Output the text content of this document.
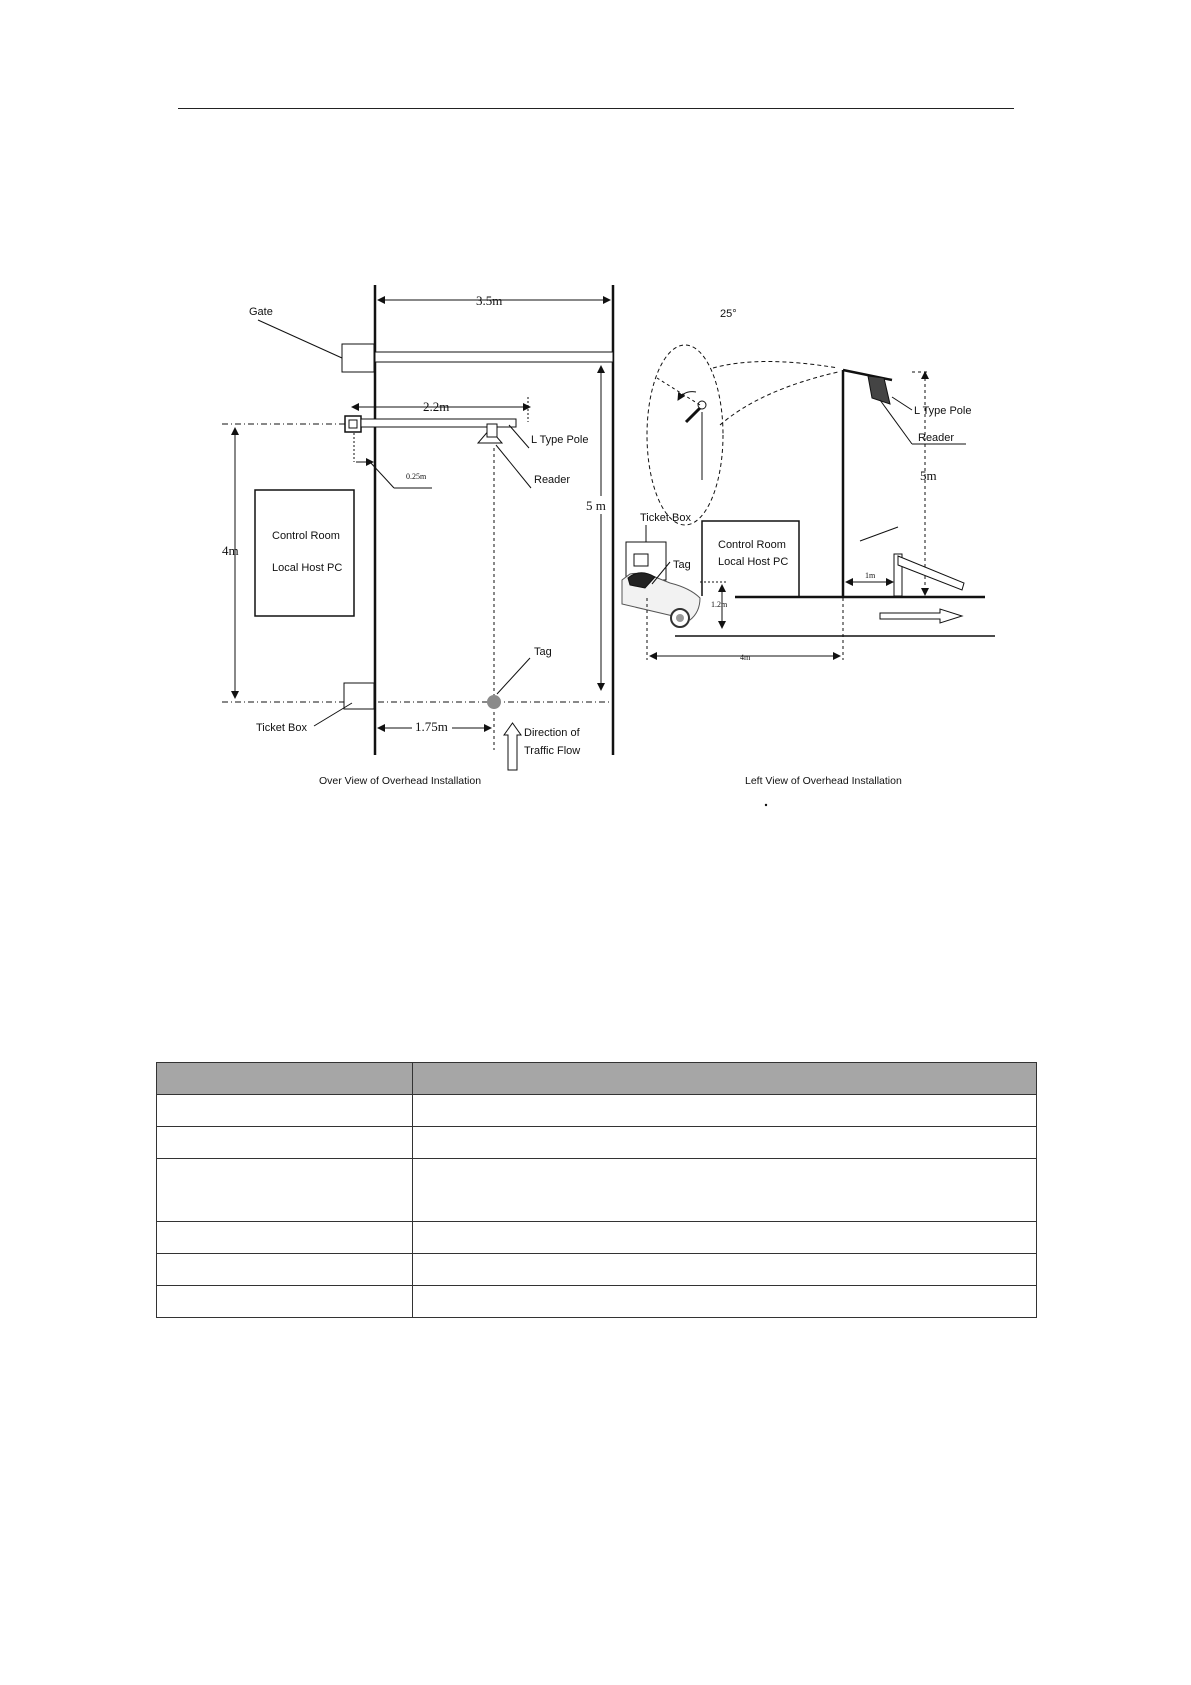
3.5m
Gate
2.2m
L Type Pole
Reader
0.25m
4m
5 m
Control Room
Local Host PC
Ticket Box
Tag
1.75m	Direction of
Traffic Flow
Over View of Overhead Installation
25°
5m
L Type Pole
Reader
1m
Control Room
Local Host PC
Ticket Box
Tag
1.2m
4m
Left View of Overhead Installation
